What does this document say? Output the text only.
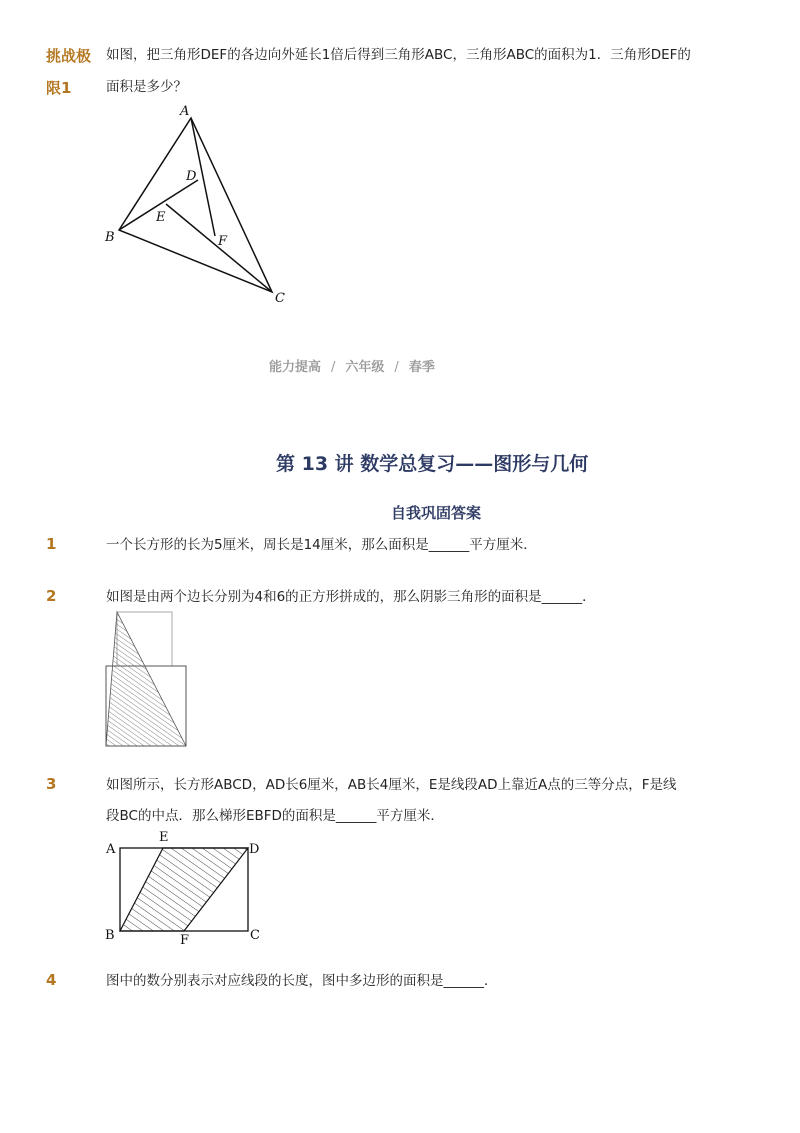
挑战极
限1
如图，把三角形DEF的各边向外延长1倍后得到三角形ABC，三角形ABC的面积为1．三角形DEF的
面积是多少？
A
B
C
D
E
F
能力提高 / 六年级 / 春季
第 13 讲 数学总复习——图形与几何
自我巩固答案
1	一个长方形的长为5厘米，周长是14厘米，那么面积是______平方厘米．
2	如图是由两个边长分别为4和6的正方形拼成的，那么阴影三角形的面积是______．
3	如图所示，长方形ABCD，AD长6厘米，AB长4厘米，E是线段AD上靠近A点的三等分点，F是线
段BC的中点．那么梯形EBFD的面积是______平方厘米．
A
E
D
B	F	C
4	图中的数分别表示对应线段的长度，图中多边形的面积是______．
